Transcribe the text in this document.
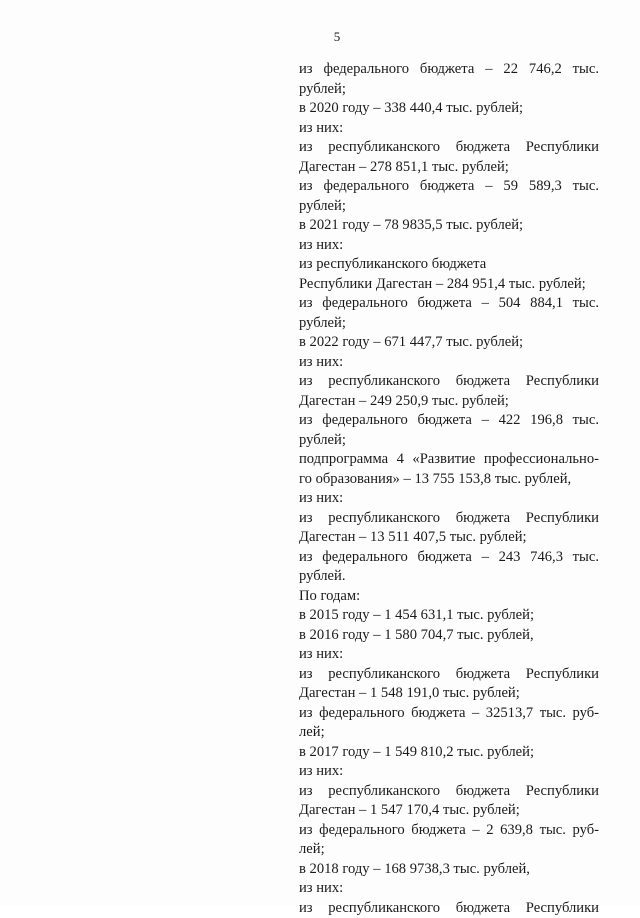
5
из федерального бюджета – 22 746,2 тыс.
рублей;
в 2020 году – 338 440,4 тыс. рублей;
из них:
из республиканского бюджета Республики
Дагестан – 278 851,1 тыс. рублей;
из федерального бюджета – 59 589,3 тыс.
рублей;
в 2021 году – 78 9835,5 тыс. рублей;
из них:
из республиканского бюджета
Республики Дагестан – 284 951,4 тыс. рублей;
из федерального бюджета – 504 884,1 тыс.
рублей;
в 2022 году – 671 447,7 тыс. рублей;
из них:
из республиканского бюджета Республики
Дагестан – 249 250,9 тыс. рублей;
из федерального бюджета – 422 196,8 тыс.
рублей;
подпрограмма 4 «Развитие профессионально-
го образования» – 13 755 153,8 тыс. рублей,
из них:
из республиканского бюджета Республики
Дагестан – 13 511 407,5 тыс. рублей;
из федерального бюджета – 243 746,3 тыс.
рублей.
По годам:
в 2015 году – 1 454 631,1 тыс. рублей;
в 2016 году – 1 580 704,7 тыс. рублей,
из них:
из республиканского бюджета Республики
Дагестан – 1 548 191,0 тыс. рублей;
из федерального бюджета – 32513,7 тыс. руб-
лей;
в 2017 году – 1 549 810,2 тыс. рублей;
из них:
из республиканского бюджета Республики
Дагестан – 1 547 170,4 тыс. рублей;
из федерального бюджета – 2 639,8 тыс. руб-
лей;
в 2018 году – 168 9738,3 тыс. рублей,
из них:
из республиканского бюджета Республики
